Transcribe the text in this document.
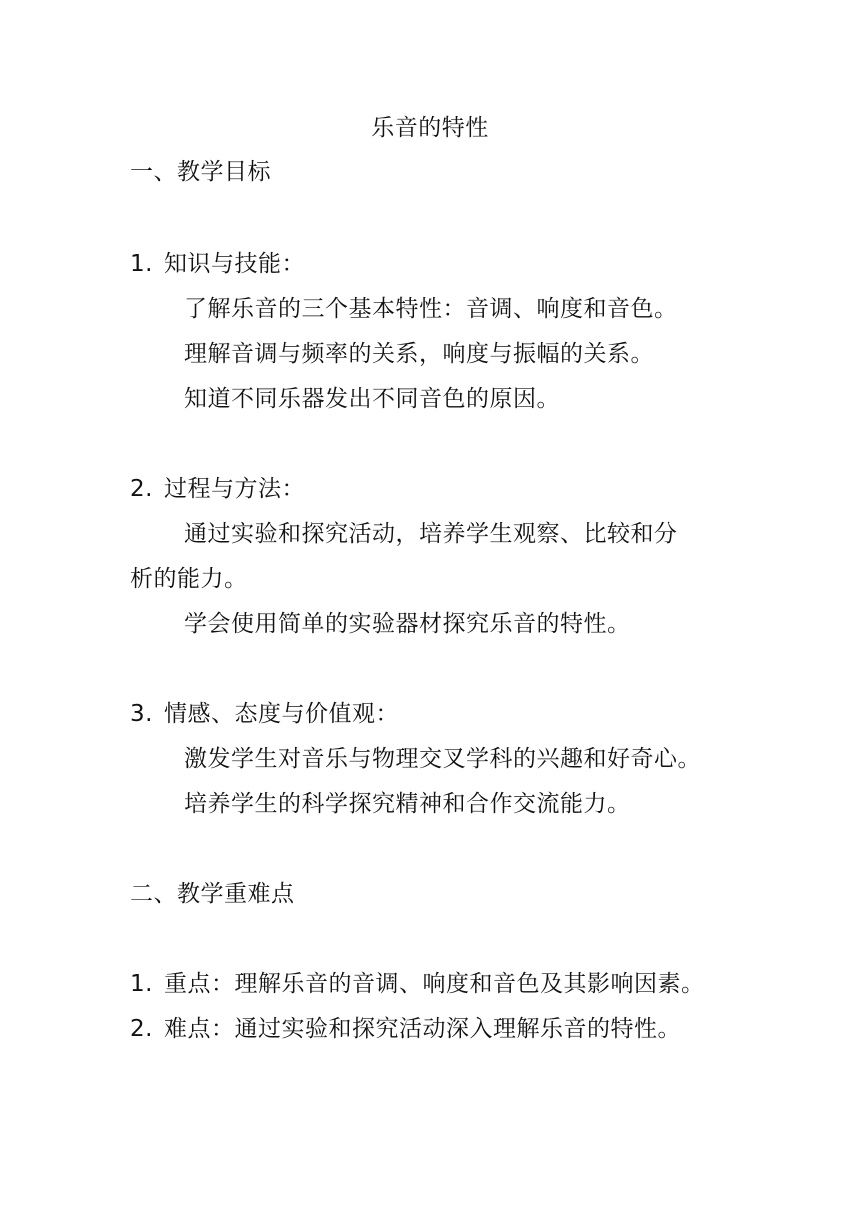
乐音的特性
一、教学目标
1. 知识与技能：
了解乐音的三个基本特性：音调、响度和音色。
理解音调与频率的关系，响度与振幅的关系。
知道不同乐器发出不同音色的原因。
2. 过程与方法：
通过实验和探究活动，培养学生观察、比较和分
析的能力。
学会使用简单的实验器材探究乐音的特性。
3. 情感、态度与价值观：
激发学生对音乐与物理交叉学科的兴趣和好奇心。
培养学生的科学探究精神和合作交流能力。
二、教学重难点
1. 重点：理解乐音的音调、响度和音色及其影响因素。
2. 难点：通过实验和探究活动深入理解乐音的特性。
